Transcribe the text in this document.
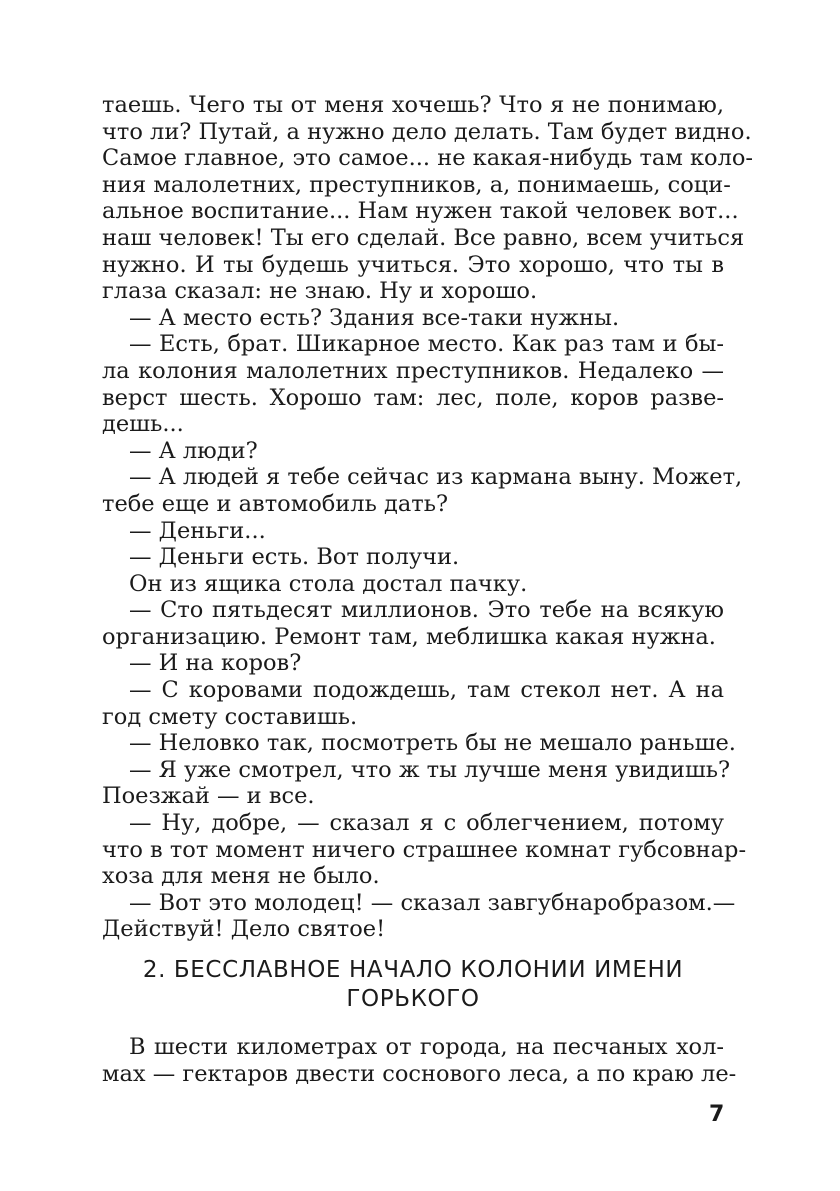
таешь. Чего ты от меня хочешь? Что я не понимаю,
что ли? Путай, а нужно дело делать. Там будет видно.
Самое главное, это самое... не какая-нибудь там коло-
ния малолетних, преступников, а, понимаешь, соци-
альное воспитание... Нам нужен такой человек вот...
наш человек! Ты его сделай. Все равно, всем учиться
нужно. И ты будешь учиться. Это хорошо, что ты в
глаза сказал: не знаю. Ну и хорошо.
— А место есть? Здания все-таки нужны.
— Есть, брат. Шикарное место. Как раз там и бы-
ла колония малолетних преступников. Недалеко —
верст шесть. Хорошо там: лес, поле, коров разве-
дешь...
— А люди?
— А людей я тебе сейчас из кармана выну. Может,
тебе еще и автомобиль дать?
— Деньги...
— Деньги есть. Вот получи.
Он из ящика стола достал пачку.
— Сто пятьдесят миллионов. Это тебе на всякую
организацию. Ремонт там, меблишка какая нужна.
— И на коров?
— С коровами подождешь, там стекол нет. А на
год смету составишь.
— Неловко так, посмотреть бы не мешало раньше.
— Я уже смотрел, что ж ты лучше меня увидишь?
Поезжай — и все.
— Ну, добре, — сказал я с облегчением, потому
что в тот момент ничего страшнее комнат губсовнар-
хоза для меня не было.
— Вот это молодец! — сказал завгубнаробразом.—
Действуй! Дело святое!
2. БЕССЛАВНОЕ НАЧАЛО КОЛОНИИ ИМЕНИ
ГОРЬКОГО
В шести километрах от города, на песчаных хол-
мах — гектаров двести соснового леса, а по краю ле-
7
